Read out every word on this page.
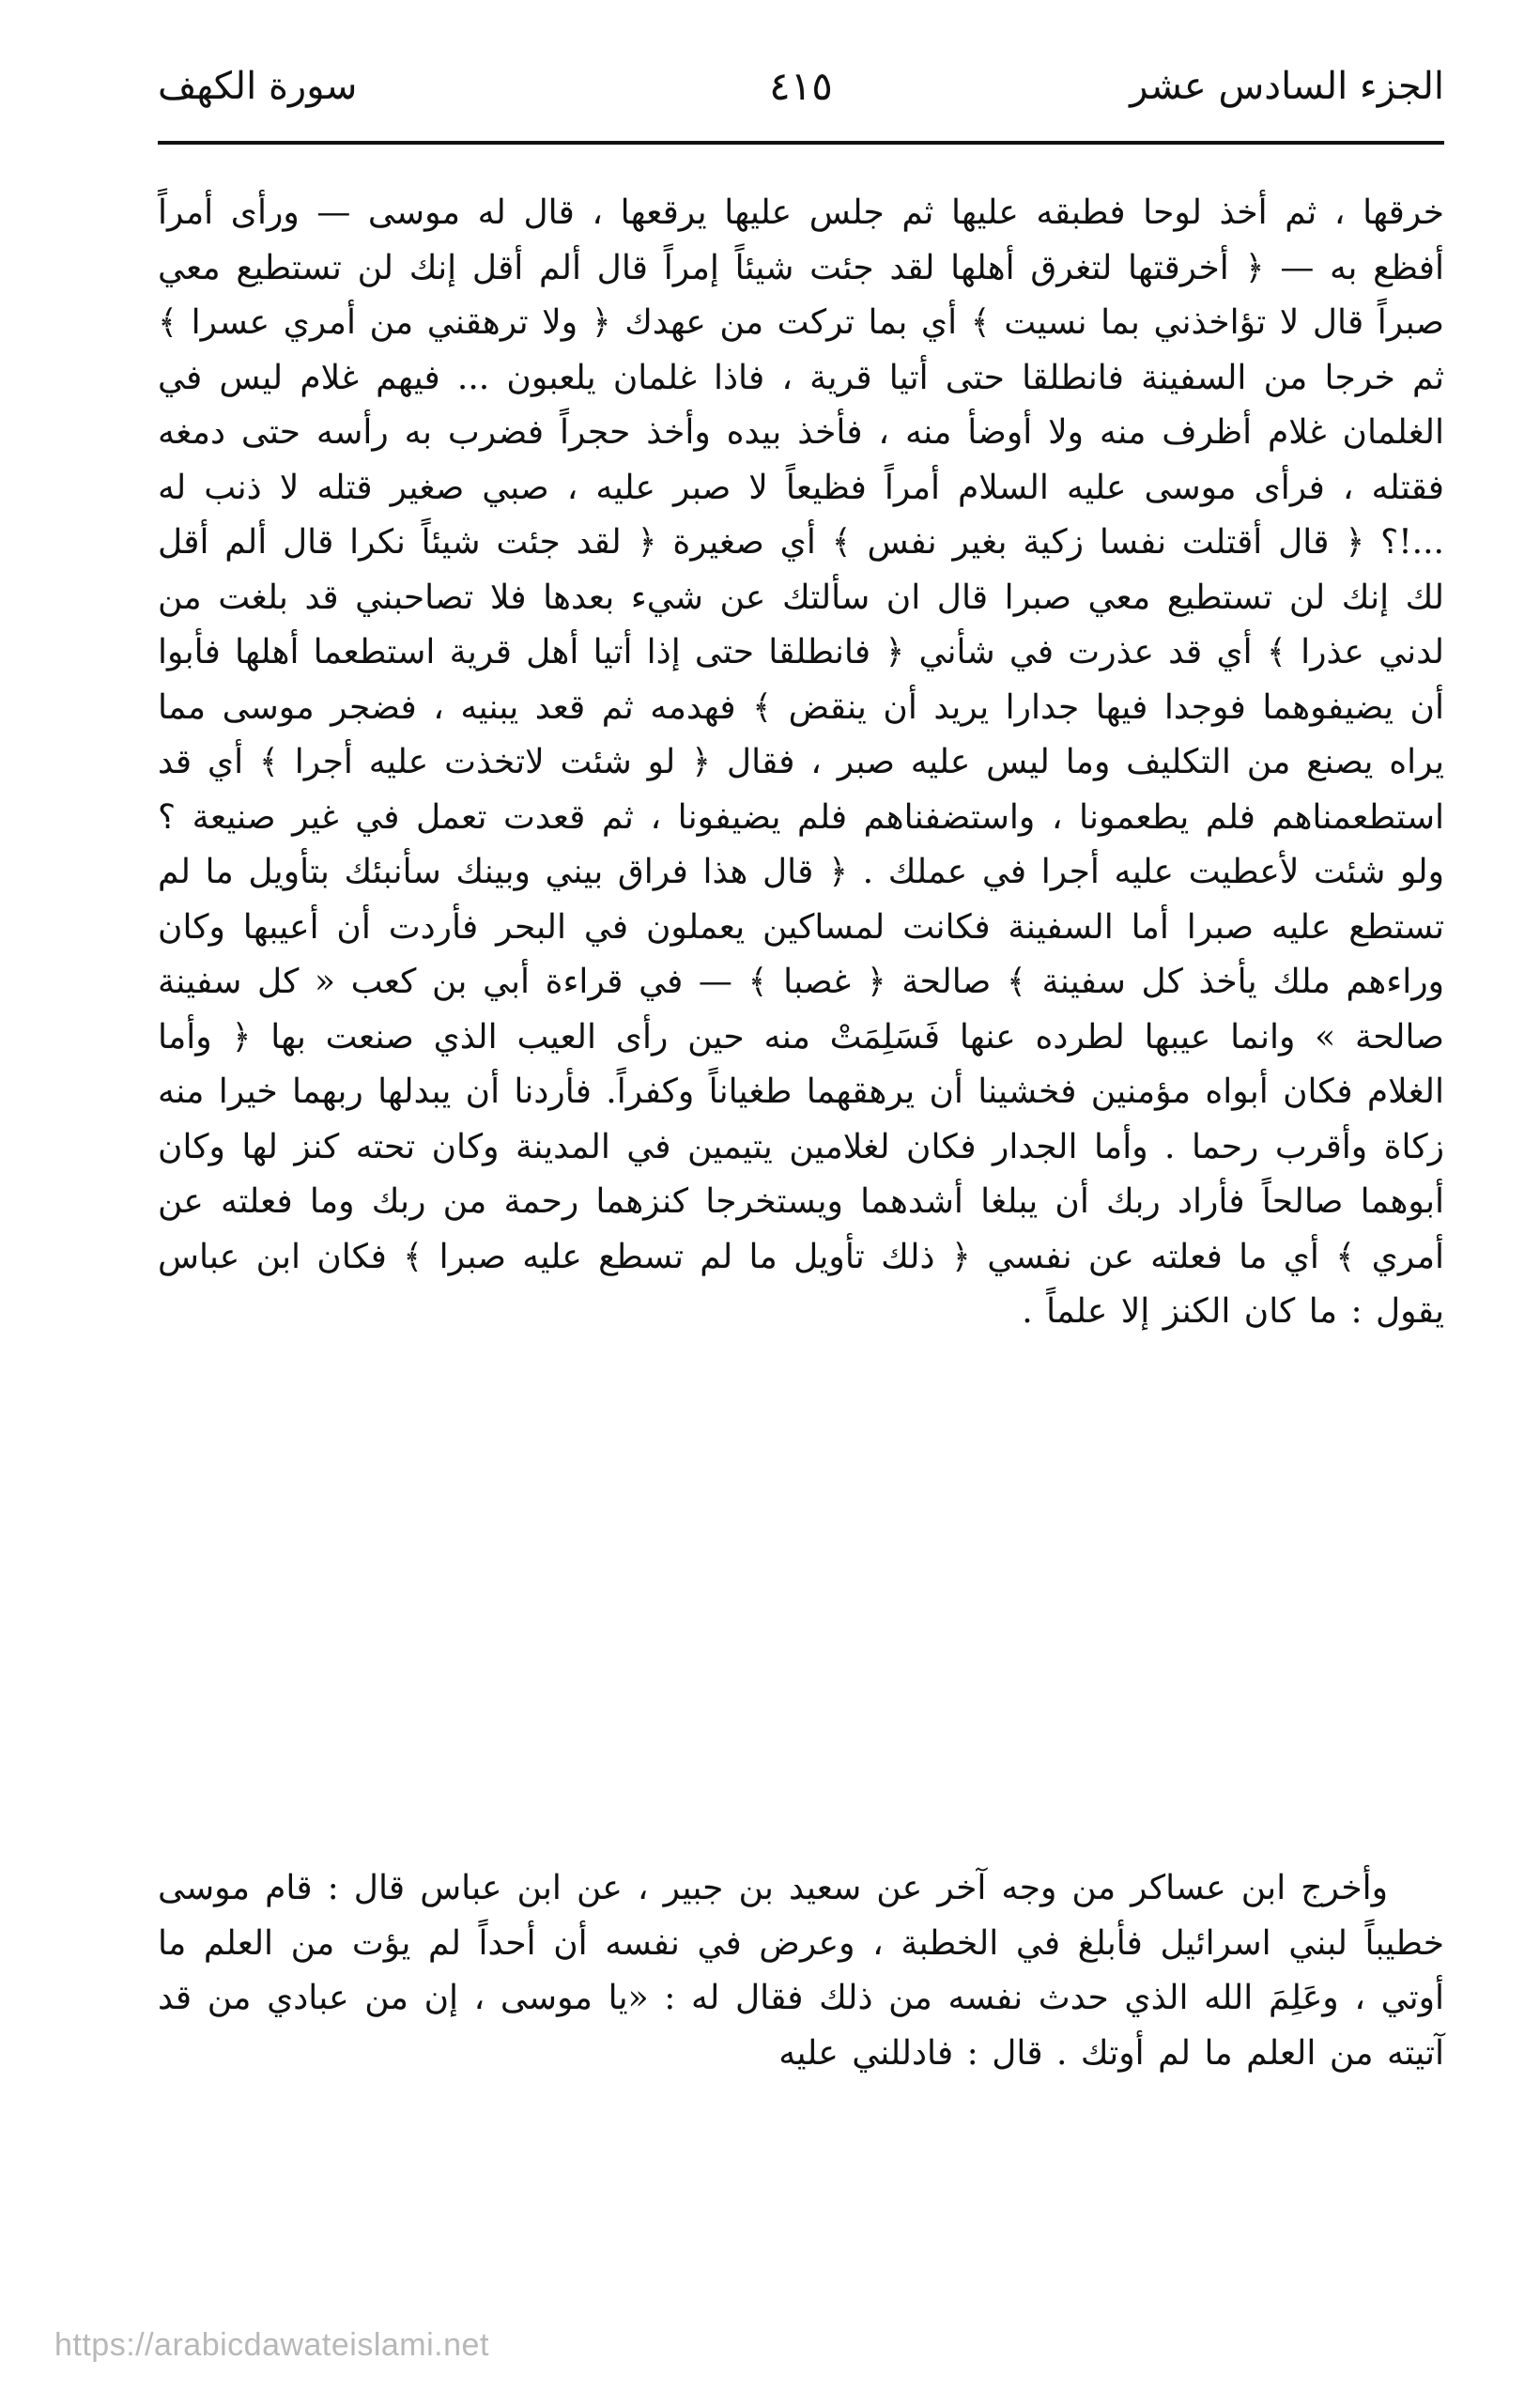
الجزء السادس عشر
٤١٥
سورة الكهف

خرقها ، ثم أخذ لوحا فطبقه عليها ثم جلس عليها يرقعها ، قال له موسى — ورأى أمراً أفظع به — ﴿ أخرقتها لتغرق أهلها لقد جئت شيئاً إمراً قال ألم أقل إنك لن تستطيع معي صبراً قال لا تؤاخذني بما نسيت ﴾ أي بما تركت من عهدك ﴿ ولا ترهقني من أمري عسرا ﴾ ثم خرجا من السفينة فانطلقا حتى أتيا قرية ، فاذا غلمان يلعبون ... فيهم غلام ليس في الغلمان غلام أظرف منه ولا أوضأ منه ، فأخذ بيده وأخذ حجراً فضرب به رأسه حتى دمغه فقتله ، فرأى موسى عليه السلام أمراً فظيعاً لا صبر عليه ، صبي صغير قتله لا ذنب له ...!؟ ﴿ قال أقتلت نفسا زكية بغير نفس ﴾ أي صغيرة ﴿ لقد جئت شيئاً نكرا قال ألم أقل لك إنك لن تستطيع معي صبرا قال ان سألتك عن شيء بعدها فلا تصاحبني قد بلغت من لدني عذرا ﴾ أي قد عذرت في شأني ﴿ فانطلقا حتى إذا أتيا أهل قرية استطعما أهلها فأبوا أن يضيفوهما فوجدا فيها جدارا يريد أن ينقض ﴾ فهدمه ثم قعد يبنيه ، فضجر موسى مما يراه يصنع من التكليف وما ليس عليه صبر ، فقال ﴿ لو شئت لاتخذت عليه أجرا ﴾ أي قد استطعمناهم فلم يطعمونا ، واستضفناهم فلم يضيفونا ، ثم قعدت تعمل في غير صنيعة ؟ ولو شئت لأعطيت عليه أجرا في عملك . ﴿ قال هذا فراق بيني وبينك سأنبئك بتأويل ما لم تستطع عليه صبرا أما السفينة فكانت لمساكين يعملون في البحر فأردت أن أعيبها وكان وراءهم ملك يأخذ كل سفينة ﴾ صالحة ﴿ غصبا ﴾ — في قراءة أبي بن كعب « كل سفينة صالحة » وانما عيبها لطرده عنها فَسَلِمَتْ منه حين رأى العيب الذي صنعت بها ﴿ وأما الغلام فكان أبواه مؤمنين فخشينا أن يرهقهما طغياناً وكفراً. فأردنا أن يبدلها ربهما خيرا منه زكاة وأقرب رحما . وأما الجدار فكان لغلامين يتيمين في المدينة وكان تحته كنز لها وكان أبوهما صالحاً فأراد ربك أن يبلغا أشدهما ويستخرجا كنزهما رحمة من ربك وما فعلته عن أمري ﴾ أي ما فعلته عن نفسي ﴿ ذلك تأويل ما لم تسطع عليه صبرا ﴾ فكان ابن عباس يقول : ما كان الكنز إلا علماً .

وأخرج ابن عساكر من وجه آخر عن سعيد بن جبير ، عن ابن عباس قال : قام موسى خطيباً لبني اسرائيل فأبلغ في الخطبة ، وعرض في نفسه أن أحداً لم يؤت من العلم ما أوتي ، وعَلِمَ الله الذي حدث نفسه من ذلك فقال له : «يا موسى ، إن من عبادي من قد آتيته من العلم ما لم أوتك . قال : فادللني عليه

https://arabicdawateislami.net
